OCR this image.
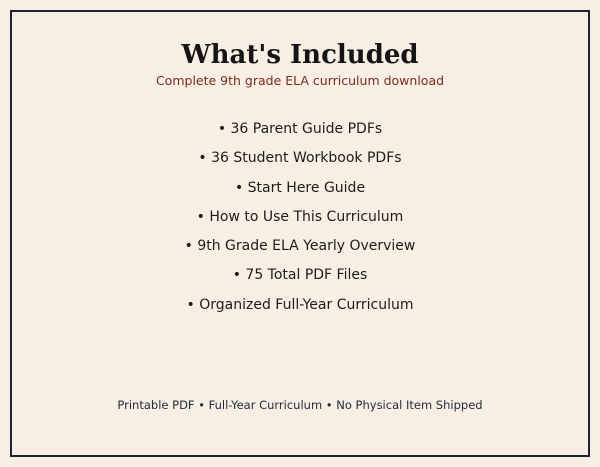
What's Included
Complete 9th grade ELA curriculum download
• 36 Parent Guide PDFs
• 36 Student Workbook PDFs
• Start Here Guide
• How to Use This Curriculum
• 9th Grade ELA Yearly Overview
• 75 Total PDF Files
• Organized Full-Year Curriculum
Printable PDF • Full-Year Curriculum • No Physical Item Shipped
